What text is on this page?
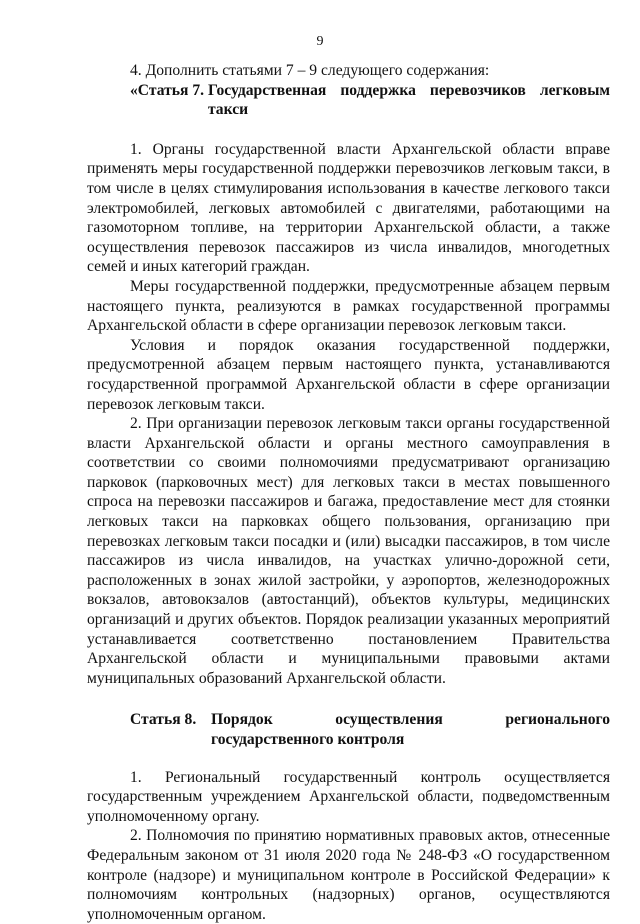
9

4. Дополнить статьями 7 – 9 следующего содержания:

«Статья 7.
Государственная поддержка перевозчиков легковым такси

1. Органы государственной власти Архангельской области вправе применять меры государственной поддержки перевозчиков легковым такси, в том числе в целях стимулирования использования в качестве легкового такси электромобилей, легковых автомобилей с двигателями, работающими на газомоторном топливе, на территории Архангельской области, а также осуществления перевозок пассажиров из числа инвалидов, многодетных семей и иных категорий граждан.

Меры государственной поддержки, предусмотренные абзацем первым настоящего пункта, реализуются в рамках государственной программы Архангельской области в сфере организации перевозок легковым такси.

Условия и порядок оказания государственной поддержки, предусмотренной абзацем первым настоящего пункта, устанавливаются государственной программой Архангельской области в сфере организации перевозок легковым такси.

2. При организации перевозок легковым такси органы государственной власти Архангельской области и органы местного самоуправления в соответствии со своими полномочиями предусматривают организацию парковок (парковочных мест) для легковых такси в местах повышенного спроса на перевозки пассажиров и багажа, предоставление мест для стоянки легковых такси на парковках общего пользования, организацию при перевозках легковым такси посадки и (или) высадки пассажиров, в том числе пассажиров из числа инвалидов, на участках улично-дорожной сети, расположенных в зонах жилой застройки, у аэропортов, железнодорожных вокзалов, автовокзалов (автостанций), объектов культуры, медицинских организаций и других объектов. Порядок реализации указанных мероприятий устанавливается соответственно постановлением Правительства Архангельской области и муниципальными правовыми актами муниципальных образований Архангельской области.

Статья 8. Порядок осуществления регионального государственного контроля

1. Региональный государственный контроль осуществляется государственным учреждением Архангельской области, подведомственным уполномоченному органу.

2. Полномочия по принятию нормативных правовых актов, отнесенные Федеральным законом от 31 июля 2020 года № 248-ФЗ «О государственном контроле (надзоре) и муниципальном контроле в Российской Федерации» к полномочиям контрольных (надзорных) органов, осуществляются уполномоченным органом.
